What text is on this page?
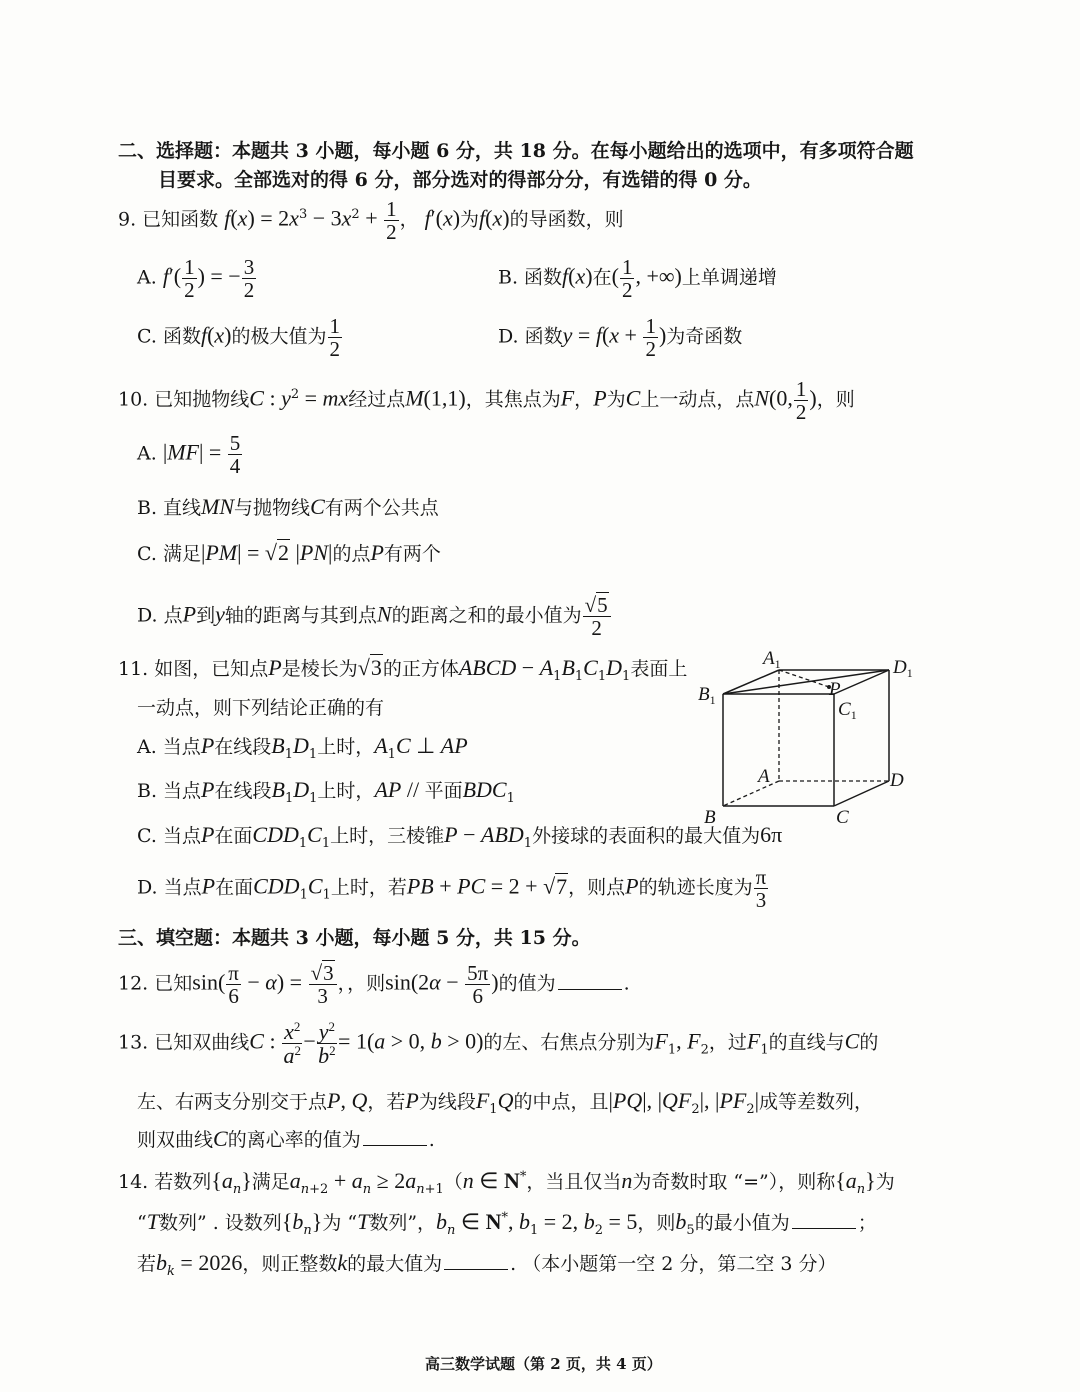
二、选择题：本题共 3 小题，每小题 6 分，共 18 分。在每小题给出的选项中，有多项符合题
目要求。全部选对的得 6 分，部分选对的得部分分，有选错的得 0 分。
9. 已知函数 $f(x) = 2x^3 - 3x^2 + \frac{1}{2}$ ， f′(x)为f(x)的导函数，则
A. $f'( \frac{1}{2}$ ) = − $\frac{3}{2}$	B. 函数f(x)在( $\frac{1}{2}$ , +∞)上单调递增
C. 函数f(x)的极大值为 $\frac{1}{2}$	D. 函数$y = f(x + \frac{1}{2}$ )为奇函数
10. 已知抛物线C : $y^2$ = mx经过点M(1,1)，其焦点为F，P为C上一动点，点N(0, $\frac{1}{2}$ )，则
A. $|MF| = \frac{5}{4}$
B. 直线MN与抛物线C有两个公共点
C. 满足|PM| = √2 |PN|的点P有两个
D. 点P到y轴的距离与其到点N的距离之和的最小值为 $\frac{√5}{2}$
11. 如图，已知点P是棱长为√3的正方体ABCD − $A_1B_1C_1D_1$表面上
一动点，则下列结论正确的有
A. 当点P在线段$B_1D_1$上时，$A_1C$ ⊥ AP
B. 当点P在线段$B_1D_1$上时，AP // 平面$BDC_1$
C. 当点P在面$CDD_1C_1$上时，三棱锥$P - ABD_1$外接球的表面积的最大值为6π
D. 当点P在面$CDD_1C_1$上时，若PB + PC = 2 + √7，则点P的轨迹长度为 $\frac{\pi}{3}$
$A_1$	$D_1$
$B_1$	$C_1$
P
A	D
B	C
三、填空题：本题共 3 小题，每小题 5 分，共 15 分。
12. 已知$\sin( \frac{\pi}{6} - \alpha) = \frac{√3}{3}$ ，，则$\sin(2\alpha - \frac{5\pi}{6}$ )的值为	.
13. 已知双曲线C : $\frac{x^2}{a^2} - \frac{y^2}{b^2} = 1(a > 0$, b > 0)的左、右焦点分别为$F_1$, $F_2$，过$F_1$的直线与C的
左、右两支分别交于点P, Q，若P为线段$F_1Q$的中点，且|PQ|, $|QF_2|$, $|PF_2|$成等差数列，
则双曲线C的离心率的值为	.
14. 若数列$\{a_n\}$满足$a_{n+2} + a_n \ge 2a_{n+1}(n$ ∈ N*，当且仅当n为奇数时取 “=”），则称$\{a_n\}$为
“T数列” . 设数列$\{b_n\}$为 “T数列”，$b_n$ ∈ N*, $b_1 = 2$, $b_2 = 5$，则$b_5$的最小值为	；
若$b_k = 2026$，则正整数k的最大值为	. （本小题第一空 2 分，第二空 3 分）
高三数学试题（第 2 页，共 4 页）
